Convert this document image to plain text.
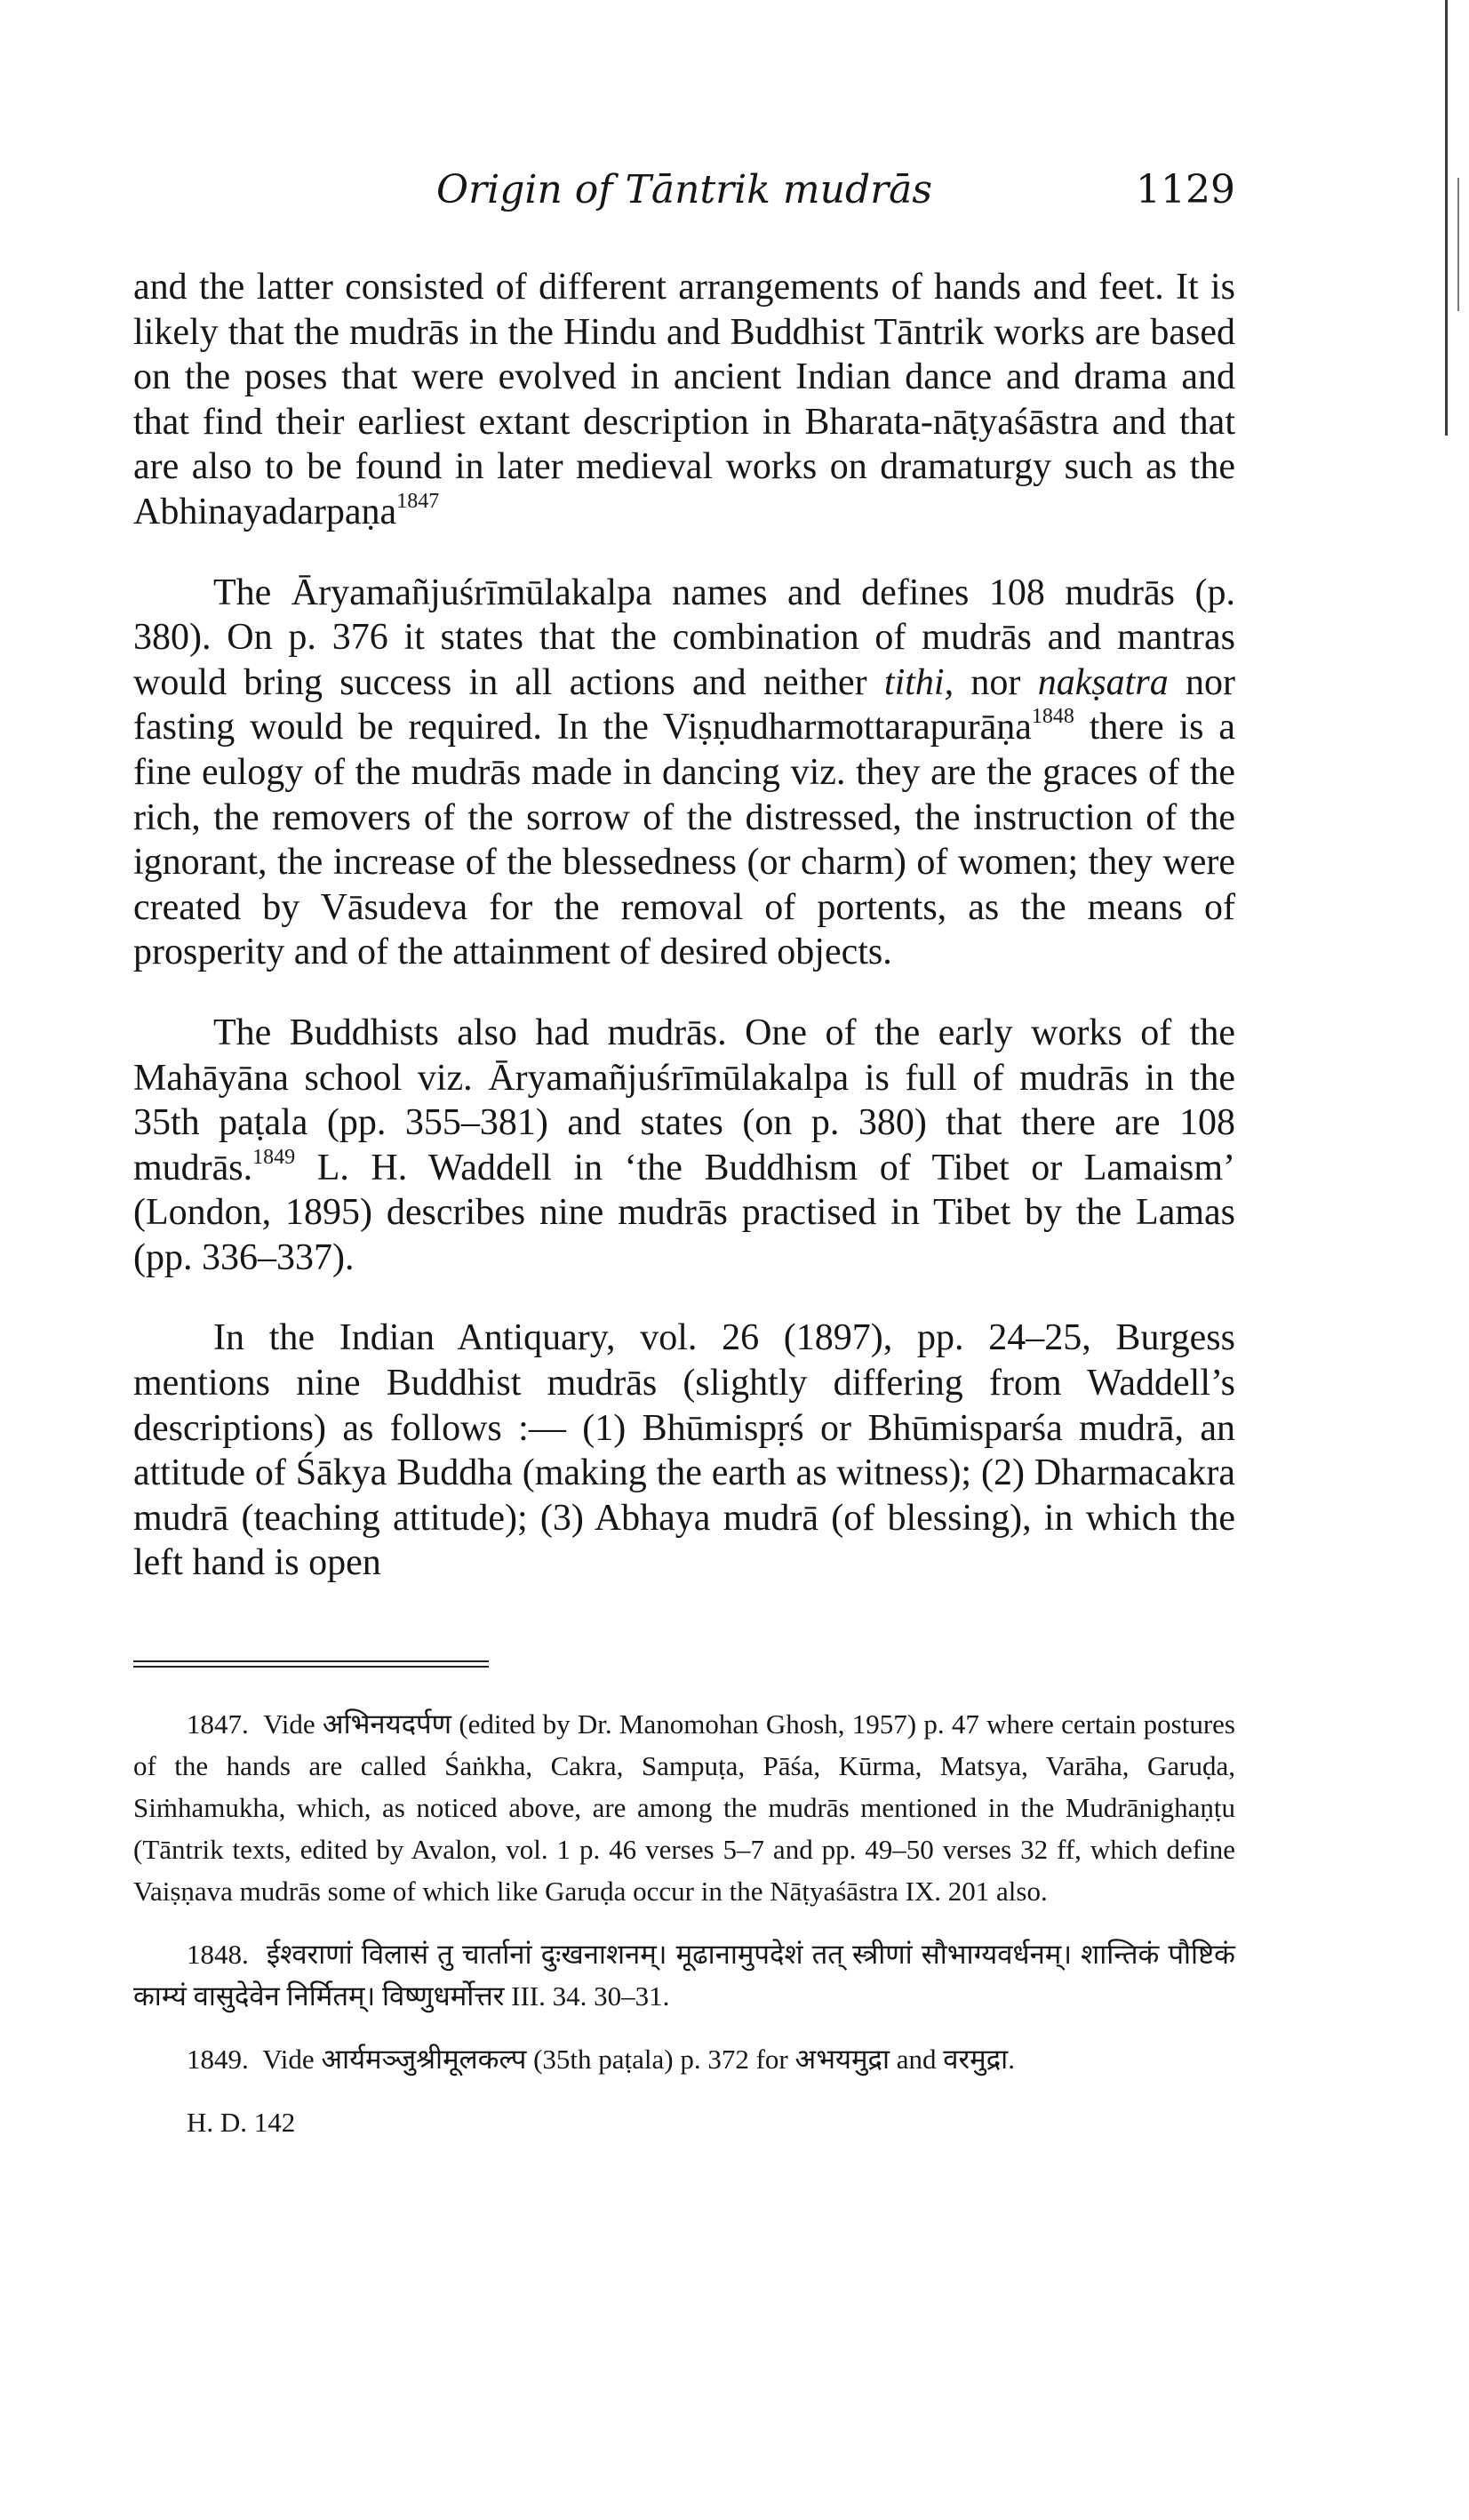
Origin of Tāntrik mudrās	1129

and the latter consisted of different arrangements of hands and feet. It is likely that the mudrās in the Hindu and Buddhist Tāntrik works are based on the poses that were evolved in ancient Indian dance and drama and that find their earliest extant description in Bharata-nāṭyaśāstra and that are also to be found in later medieval works on dramaturgy such as the Abhinayadarpaṇa$^{1847}$

The Āryamañjuśrīmūlakalpa names and defines 108 mudrās (p. 380). On p. 376 it states that the combination of mudrās and mantras would bring success in all actions and neither tithi, nor nakṣatra nor fasting would be required. In the Viṣṇudharmottarapurāṇa$^{1848}$ there is a fine eulogy of the mudrās made in dancing viz. they are the graces of the rich, the removers of the sorrow of the distressed, the instruction of the ignorant, the increase of the blessedness (or charm) of women; they were created by Vāsudeva for the removal of portents, as the means of prosperity and of the attainment of desired objects.

The Buddhists also had mudrās. One of the early works of the Mahāyāna school viz. Āryamañjuśrīmūlakalpa is full of mudrās in the 35th paṭala (pp. 355–381) and states (on p. 380) that there are 108 mudrās.$^{1849}$ L. H. Waddell in ‘the Buddhism of Tibet or Lamaism’ (London, 1895) describes nine mudrās practised in Tibet by the Lamas (pp. 336–337).

In the Indian Antiquary, vol. 26 (1897), pp. 24–25, Burgess mentions nine Buddhist mudrās (slightly differing from Waddell’s descriptions) as follows :— (1) Bhūmispṛś or Bhūmisparśa mudrā, an attitude of Śākya Buddha (making the earth as witness); (2) Dharmacakra mudrā (teaching attitude); (3) Abhaya mudrā (of blessing), in which the left hand is open

1847. Vide अभिनयदर्पण (edited by Dr. Manomohan Ghosh, 1957) p. 47 where certain postures of the hands are called Śaṅkha, Cakra, Sampuṭa, Pāśa, Kūrma, Matsya, Varāha, Garuḍa, Siṁhamukha, which, as noticed above, are among the mudrās mentioned in the Mudrānighaṇṭu (Tāntrik texts, edited by Avalon, vol. 1 p. 46 verses 5–7 and pp. 49–50 verses 32 ff, which define Vaiṣṇava mudrās some of which like Garuḍa occur in the Nāṭyaśāstra IX. 201 also.

1848. ईश्वराणां विलासं तु चार्तानां दुःखनाशनम्। मूढानामुपदेशं तत् स्त्रीणां सौभाग्यवर्धनम्। शान्तिकं पौष्टिकं काम्यं वासुदेवेन निर्मितम्। विष्णुधर्मोत्तर III. 34. 30–31.

1849. Vide आर्यमञ्जुश्रीमूलकल्प (35th paṭala) p. 372 for अभयमुद्रा and वरमुद्रा.

H. D. 142
